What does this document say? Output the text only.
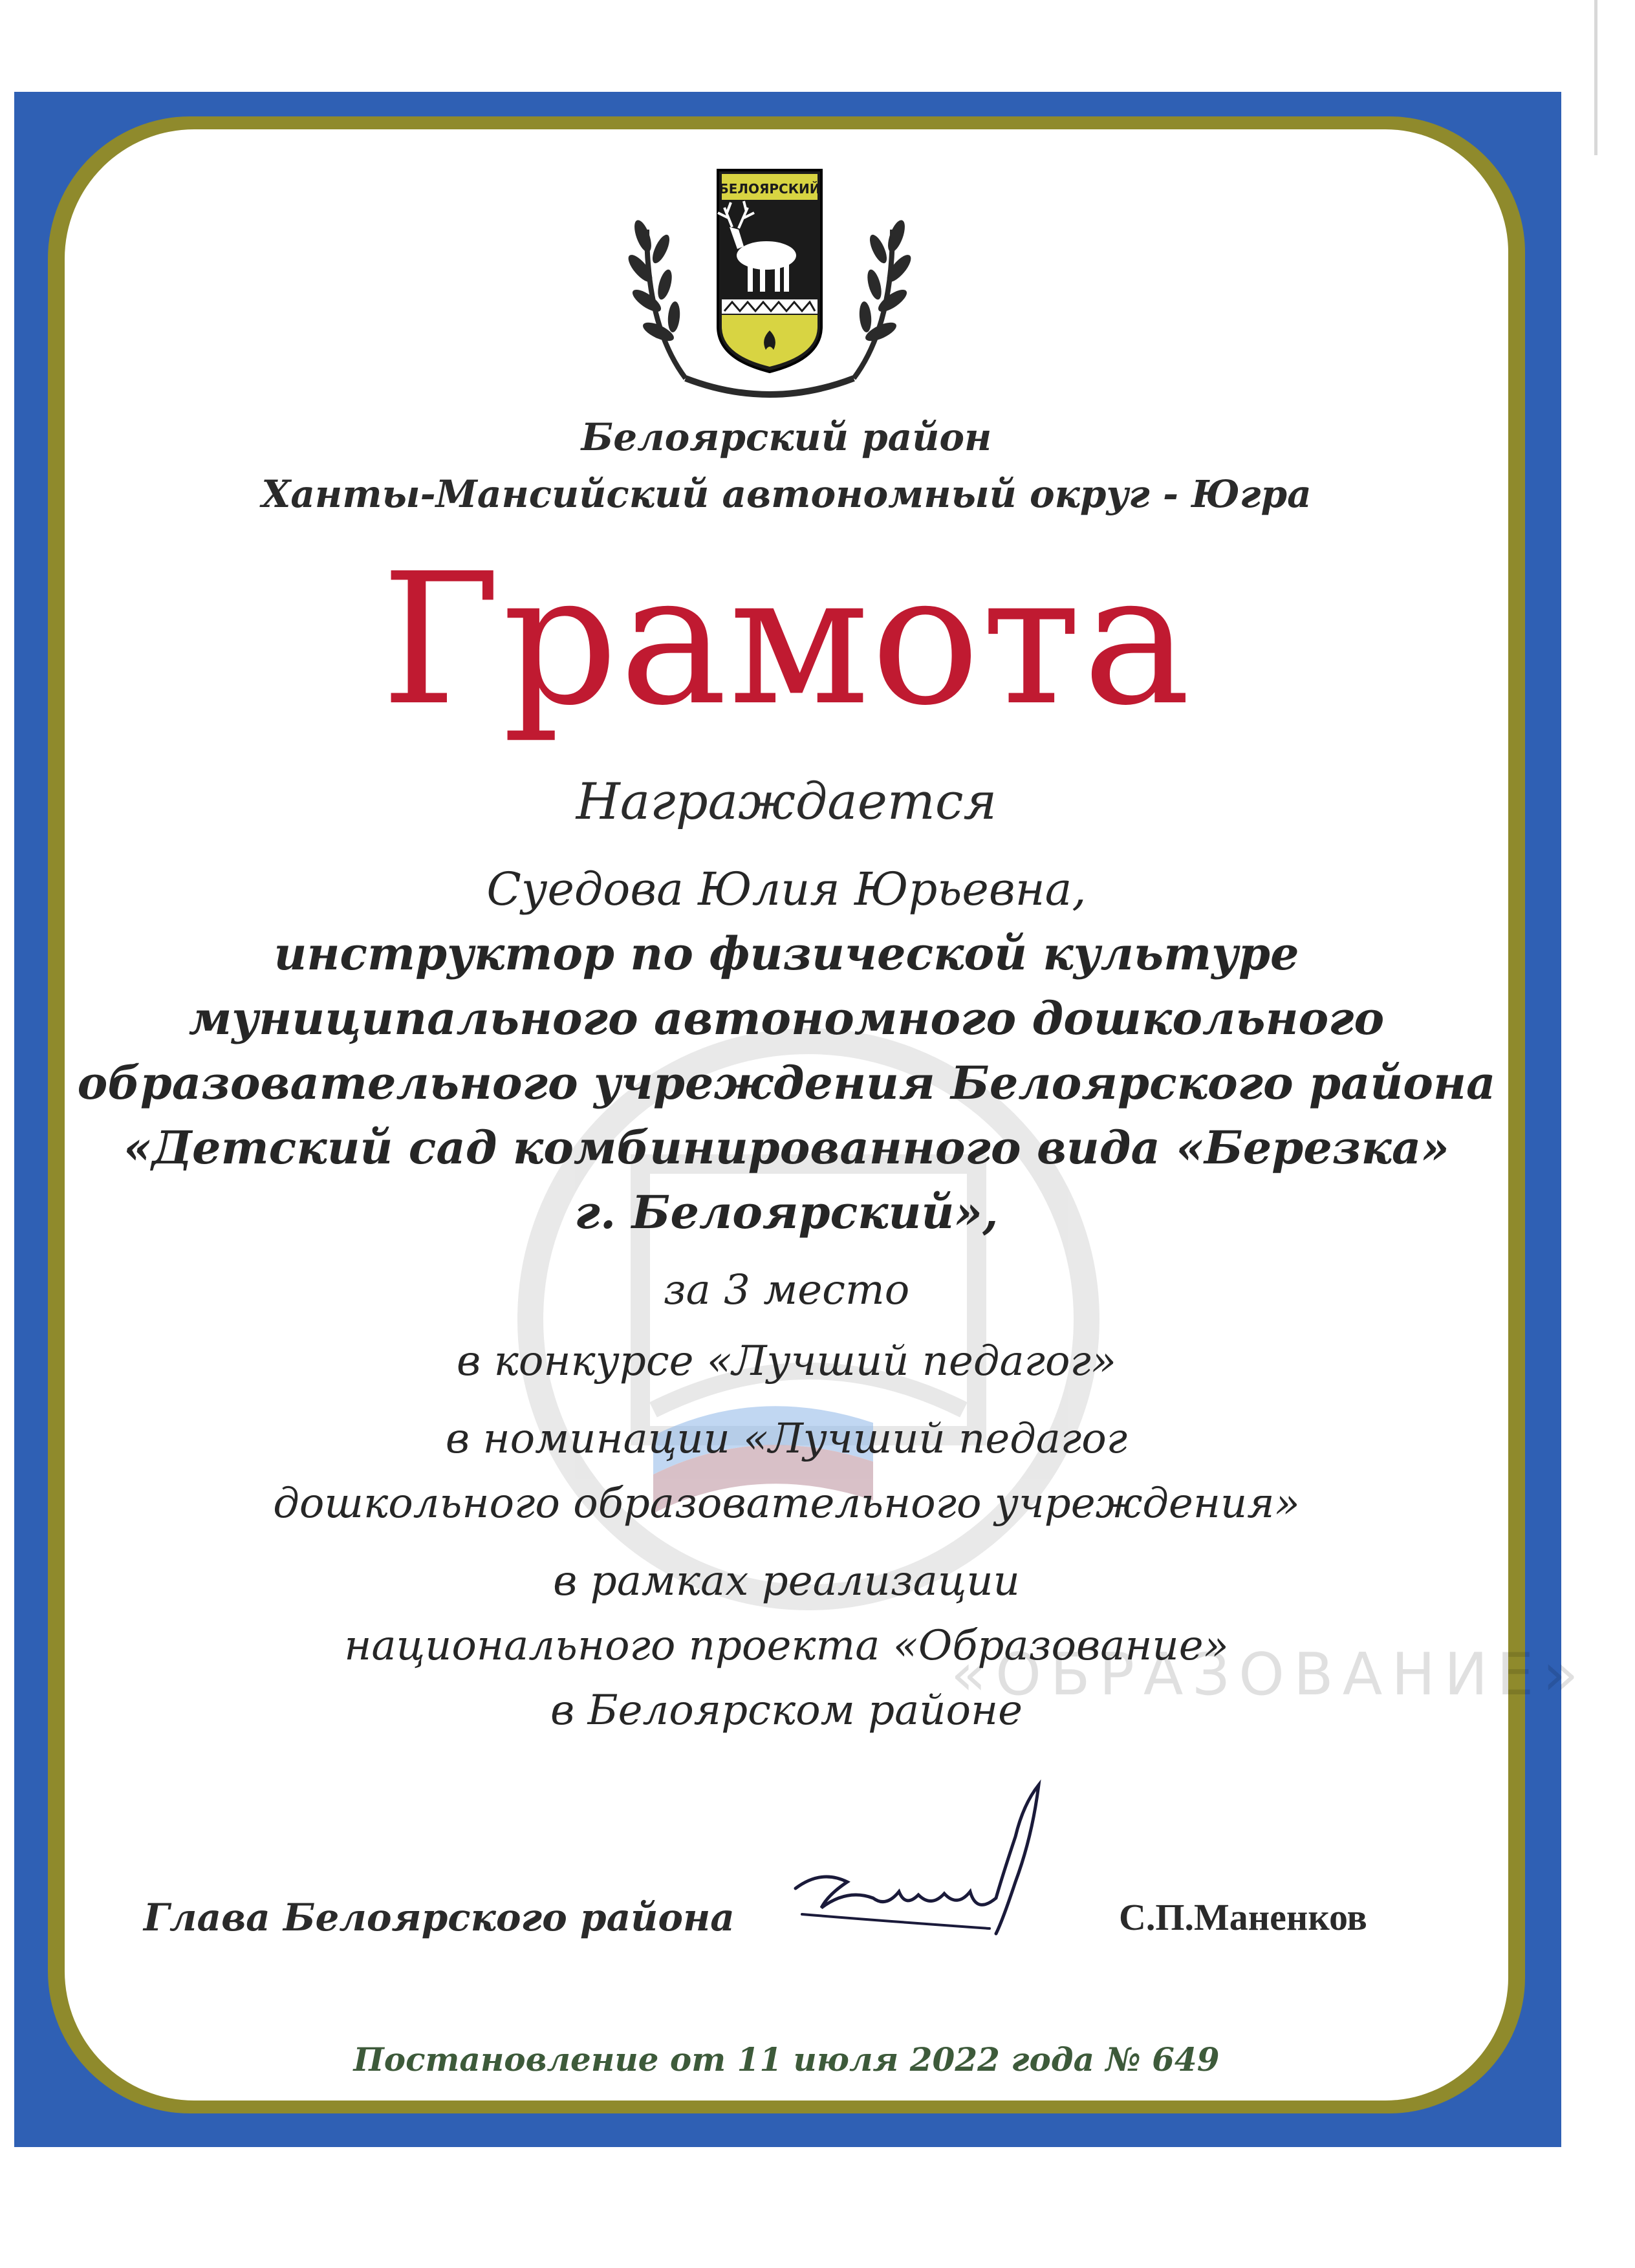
«ОБРАЗОВАНИЕ»
БЕЛОЯРСКИЙ
Белоярский район
Ханты-Мансийский автономный округ - Югра
Грамота
Награждается
Суедова Юлия Юрьевна,
инструктор по физической культуре
муниципального автономного дошкольного
образовательного учреждения Белоярского района
«Детский сад комбинированного вида «Березка»
г. Белоярский»,
за 3 место
в конкурсе «Лучший педагог»
в номинации «Лучший педагог
дошкольного образовательного учреждения»
в рамках реализации
национального проекта «Образование»
в Белоярском районе
Глава Белоярского района	С.П.Маненков
Постановление от 11 июля 2022 года № 649
